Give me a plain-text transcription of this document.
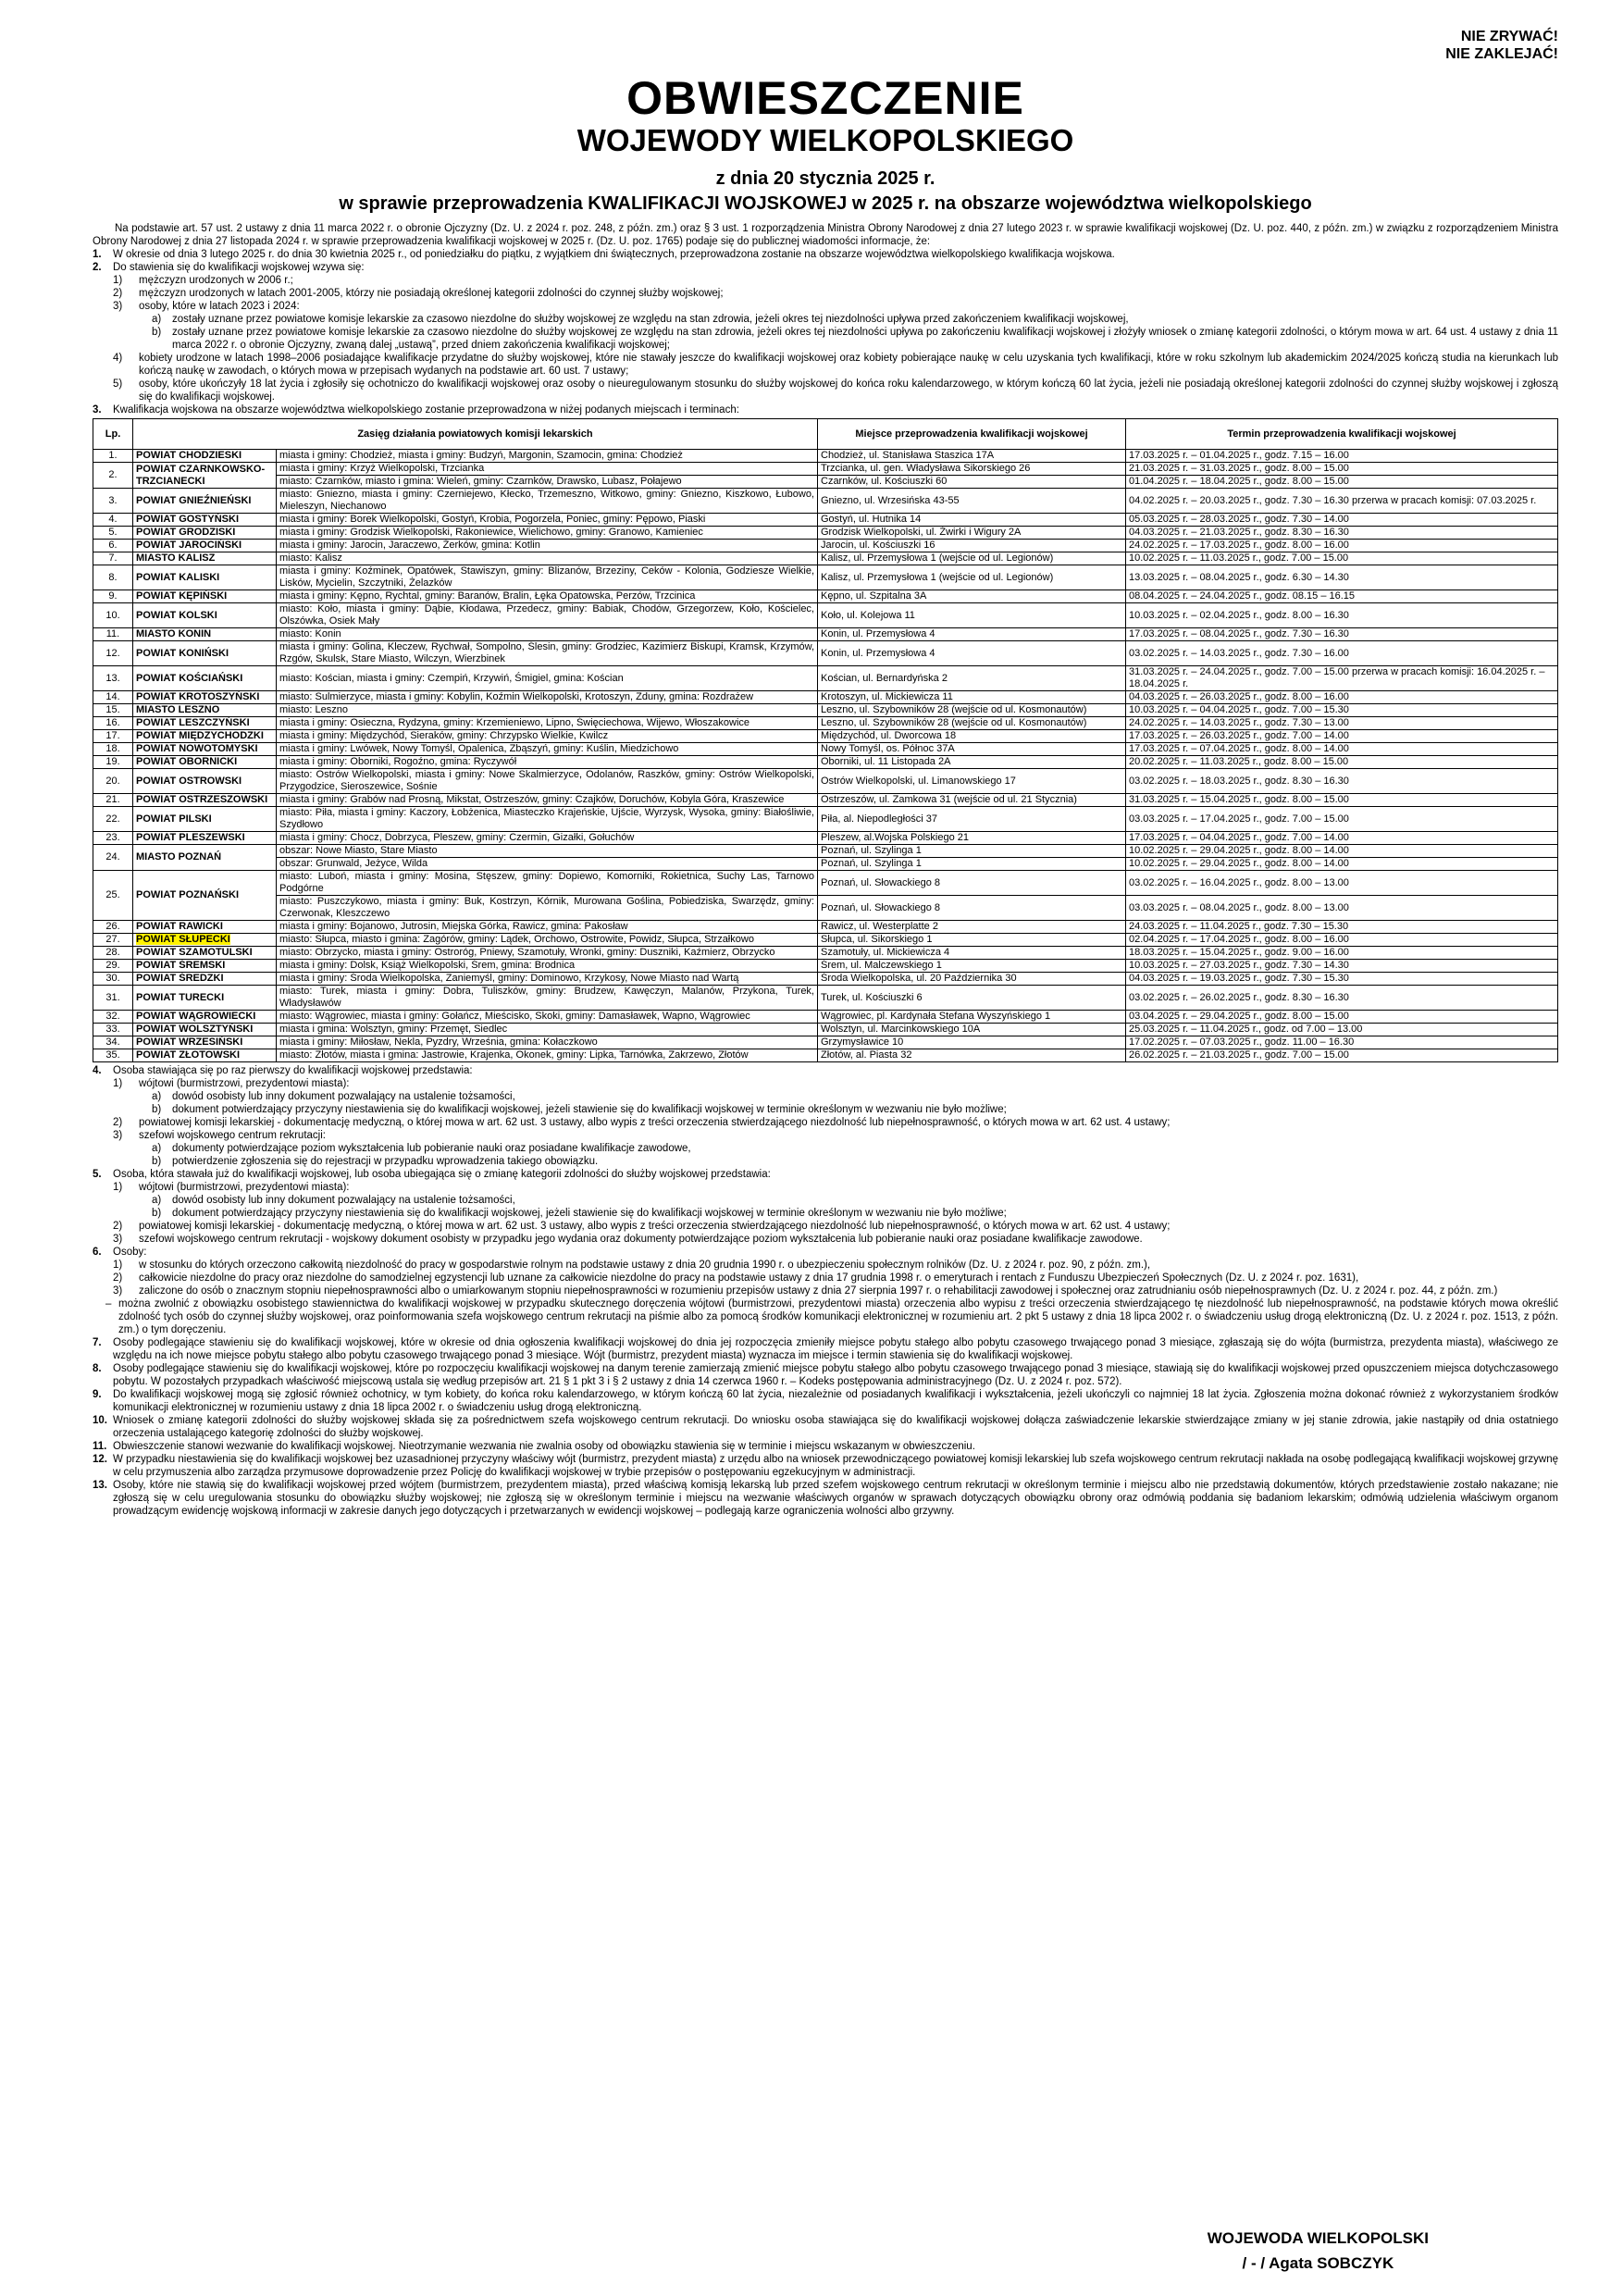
NIE ZRYWAĆ!
NIE ZAKLEJAĆ!
OBWIESZCZENIE
WOJEWODY WIELKOPOLSKIEGO
z dnia 20 stycznia 2025 r.
w sprawie przeprowadzenia KWALIFIKACJI WOJSKOWEJ w 2025 r. na obszarze województwa wielkopolskiego
Na podstawie art. 57 ust. 2 ustawy z dnia 11 marca 2022 r. o obronie Ojczyzny (Dz. U. z 2024 r. poz. 248, z późn. zm.) oraz § 3 ust. 1 rozporządzenia Ministra Obrony Narodowej z dnia 27 lutego 2023 r. w sprawie kwalifikacji wojskowej (Dz. U. poz. 440, z późn. zm.) w związku z rozporządzeniem Ministra Obrony Narodowej z dnia 27 listopada 2024 r. w sprawie przeprowadzenia kwalifikacji wojskowej w 2025 r. (Dz. U. poz. 1765) podaje się do publicznej wiadomości informacje, że:
1.	W okresie od dnia 3 lutego 2025 r. do dnia 30 kwietnia 2025 r., od poniedziałku do piątku, z wyjątkiem dni świątecznych, przeprowadzona zostanie na obszarze województwa wielkopolskiego kwalifikacja wojskowa.
2.	Do stawienia się do kwalifikacji wojskowej wzywa się:
1)	mężczyzn urodzonych w 2006 r.;
2)	mężczyzn urodzonych w latach 2001-2005, którzy nie posiadają określonej kategorii zdolności do czynnej służby wojskowej;
3)	osoby, które w latach 2023 i 2024:
a)	zostały uznane przez powiatowe komisje lekarskie za czasowo niezdolne do służby wojskowej ze względu na stan zdrowia, jeżeli okres tej niezdolności upływa przed zakończeniem kwalifikacji wojskowej,
b)	zostały uznane przez powiatowe komisje lekarskie za czasowo niezdolne do służby wojskowej ze względu na stan zdrowia, jeżeli okres tej niezdolności upływa po zakończeniu kwalifikacji wojskowej i złożyły wniosek o zmianę kategorii zdolności, o którym mowa w art. 64 ust. 4 ustawy z dnia 11 marca 2022 r. o obronie Ojczyzny, zwaną dalej „ustawą”, przed dniem zakończenia kwalifikacji wojskowej;
4)	kobiety urodzone w latach 1998–2006 posiadające kwalifikacje przydatne do służby wojskowej, które nie stawały jeszcze do kwalifikacji wojskowej oraz kobiety pobierające naukę w celu uzyskania tych kwalifikacji, które w roku szkolnym lub akademickim 2024/2025 kończą studia na kierunkach lub kończą naukę w zawodach, o których mowa w przepisach wydanych na podstawie art. 60 ust. 7 ustawy;
5)	osoby, które ukończyły 18 lat życia i zgłosiły się ochotniczo do kwalifikacji wojskowej oraz osoby o nieuregulowanym stosunku do służby wojskowej do końca roku kalendarzowego, w którym kończą 60 lat życia, jeżeli nie posiadają określonej kategorii zdolności do czynnej służby wojskowej i zgłoszą się do kwalifikacji wojskowej.
3.	Kwalifikacja wojskowa na obszarze województwa wielkopolskiego zostanie przeprowadzona w niżej podanych miejscach i terminach:
Lp.	Zasięg działania powiatowych komisji lekarskich		Miejsce przeprowadzenia kwalifikacji wojskowej	Termin przeprowadzenia kwalifikacji wojskowej
1.	POWIAT CHODZIESKI	miasta i gminy: Chodzież, miasta i gminy: Budzyń, Margonin, Szamocin, gmina: Chodzież	Chodzież, ul. Stanisława Staszica 17A	17.03.2025 r. – 01.04.2025 r., godz. 7.15 – 16.00
2.	POWIAT CZARNKOWSKO-TRZCIANECKI	miasta i gminy: Krzyż Wielkopolski, Trzcianka	Trzcianka, ul. gen. Władysława Sikorskiego 26	21.03.2025 r. – 31.03.2025 r., godz. 8.00 – 15.00
		miasto: Czarnków, miasto i gmina: Wieleń, gminy: Czarnków, Drawsko, Lubasz, Połajewo	Czarnków, ul. Kościuszki 60	01.04.2025 r. – 18.04.2025 r., godz. 8.00 – 15.00
3.	POWIAT GNIEŹNIEŃSKI	miasto: Gniezno, miasta i gminy: Czerniejewo, Kłecko, Trzemeszno, Witkowo, gminy: Gniezno, Kiszkowo, Łubowo, Mieleszyn, Niechanowo	Gniezno, ul. Wrzesińska 43-55	04.02.2025 r. – 20.03.2025 r., godz. 7.30 – 16.30 przerwa w pracach komisji: 07.03.2025 r.
4.	POWIAT GOSTYŃSKI	miasta i gminy: Borek Wielkopolski, Gostyń, Krobia, Pogorzela, Poniec, gminy: Pępowo, Piaski	Gostyń, ul. Hutnika 14	05.03.2025 r. – 28.03.2025 r., godz. 7.30 – 14.00
5.	POWIAT GRODZISKI	miasta i gminy: Grodzisk Wielkopolski, Rakoniewice, Wielichowo, gminy: Granowo, Kamieniec	Grodzisk Wielkopolski, ul. Żwirki i Wigury 2A	04.03.2025 r. – 21.03.2025 r., godz. 8.30 – 16.30
6.	POWIAT JAROCIŃSKI	miasta i gminy: Jarocin, Jaraczewo, Żerków, gmina: Kotlin	Jarocin, ul. Kościuszki 16	24.02.2025 r. – 17.03.2025 r., godz. 8.00 – 16.00
7.	MIASTO KALISZ	miasto: Kalisz	Kalisz, ul. Przemysłowa 1 (wejście od ul. Legionów)	10.02.2025 r. – 11.03.2025 r., godz. 7.00 – 15.00
8.	POWIAT KALISKI	miasta i gminy: Koźminek, Opatówek, Stawiszyn, gminy: Blizanów, Brzeziny, Ceków - Kolonia, Godziesze Wielkie, Lisków, Mycielin, Szczytniki, Żelazków	Kalisz, ul. Przemysłowa 1 (wejście od ul. Legionów)	13.03.2025 r. – 08.04.2025 r., godz. 6.30 – 14.30
9.	POWIAT KĘPIŃSKI	miasta i gminy: Kępno, Rychtal, gminy: Baranów, Bralin, Łęka Opatowska, Perzów, Trzcinica	Kępno, ul. Szpitalna 3A	08.04.2025 r. – 24.04.2025 r., godz. 08.15 – 16.15
10.	POWIAT KOLSKI	miasto: Koło, miasta i gminy: Dąbie, Kłodawa, Przedecz, gminy: Babiak, Chodów, Grzegorzew, Koło, Kościelec, Olszówka, Osiek Mały	Koło, ul. Kolejowa 11	10.03.2025 r. – 02.04.2025 r., godz. 8.00 – 16.30
11.	MIASTO KONIN	miasto: Konin	Konin, ul. Przemysłowa 4	17.03.2025 r. – 08.04.2025 r., godz. 7.30 – 16.30
12.	POWIAT KONIŃSKI	miasta i gminy: Golina, Kleczew, Rychwał, Sompolno, Ślesin, gminy: Grodziec, Kazimierz Biskupi, Kramsk, Krzymów, Rzgów, Skulsk, Stare Miasto, Wilczyn, Wierzbinek	Konin, ul. Przemysłowa 4	03.02.2025 r. – 14.03.2025 r., godz. 7.30 – 16.00
13.	POWIAT KOŚCIAŃSKI	miasto: Kościan, miasta i gminy: Czempiń, Krzywiń, Śmigiel, gmina: Kościan	Kościan, ul. Bernardyńska 2	31.03.2025 r. – 24.04.2025 r., godz. 7.00 – 15.00 przerwa w pracach komisji: 16.04.2025 r. – 18.04.2025 r.
14.	POWIAT KROTOSZYŃSKI	miasto: Sulmierzyce, miasta i gminy: Kobylin, Koźmin Wielkopolski, Krotoszyn, Zduny, gmina: Rozdrażew	Krotoszyn, ul. Mickiewicza 11	04.03.2025 r. – 26.03.2025 r., godz. 8.00 – 16.00
15.	MIASTO LESZNO	miasto: Leszno	Leszno, ul. Szybowników 28 (wejście od ul. Kosmonautów)	10.03.2025 r. – 04.04.2025 r., godz. 7.00 – 15.30
16.	POWIAT LESZCZYŃSKI	miasta i gminy: Osieczna, Rydzyna, gminy: Krzemieniewo, Lipno, Święciechowa, Wijewo, Włoszakowice	Leszno, ul. Szybowników 28 (wejście od ul. Kosmonautów)	24.02.2025 r. – 14.03.2025 r., godz. 7.30 – 13.00
17.	POWIAT MIĘDZYCHODZKI	miasta i gminy: Międzychód, Sieraków, gminy: Chrzypsko Wielkie, Kwilcz	Międzychód, ul. Dworcowa 18	17.03.2025 r. – 26.03.2025 r., godz. 7.00 – 14.00
18.	POWIAT NOWOTOMYSKI	miasta i gminy: Lwówek, Nowy Tomyśl, Opalenica, Zbąszyń, gminy: Kuślin, Miedzichowo	Nowy Tomyśl, os. Północ 37A	17.03.2025 r. – 07.04.2025 r., godz. 8.00 – 14.00
19.	POWIAT OBORNICKI	miasta i gminy: Oborniki, Rogoźno, gmina: Ryczywół	Oborniki, ul. 11 Listopada 2A	20.02.2025 r. – 11.03.2025 r., godz. 8.00 – 15.00
20.	POWIAT OSTROWSKI	miasto: Ostrów Wielkopolski, miasta i gminy: Nowe Skalmierzyce, Odolanów, Raszków, gminy: Ostrów Wielkopolski, Przygodzice, Sieroszewice, Sośnie	Ostrów Wielkopolski, ul. Limanowskiego 17	03.02.2025 r. – 18.03.2025 r., godz. 8.30 – 16.30
21.	POWIAT OSTRZESZOWSKI	miasta i gminy: Grabów nad Prosną, Mikstat, Ostrzeszów, gminy: Czajków, Doruchów, Kobyla Góra, Kraszewice	Ostrzeszów, ul. Zamkowa 31 (wejście od ul. 21 Stycznia)	31.03.2025 r. – 15.04.2025 r., godz. 8.00 – 15.00
22.	POWIAT PILSKI	miasto: Piła, miasta i gminy: Kaczory, Łobżenica, Miasteczko Krajeńskie, Ujście, Wyrzysk, Wysoka, gminy: Białośliwie, Szydłowo	Piła, al. Niepodległości 37	03.03.2025 r. – 17.04.2025 r., godz. 7.00 – 15.00
23.	POWIAT PLESZEWSKI	miasta i gminy: Chocz, Dobrzyca, Pleszew, gminy: Czermin, Gizałki, Gołuchów	Pleszew, al.Wojska Polskiego 21	17.03.2025 r. – 04.04.2025 r., godz. 7.00 – 14.00
24.	MIASTO POZNAŃ	obszar: Nowe Miasto, Stare Miasto	Poznań, ul. Szylinga 1	10.02.2025 r. – 29.04.2025 r., godz. 8.00 – 14.00
		obszar: Grunwald, Jeżyce, Wilda	Poznań, ul. Szylinga 1	10.02.2025 r. – 29.04.2025 r., godz. 8.00 – 14.00
25.	POWIAT POZNAŃSKI	miasto: Luboń, miasta i gminy: Mosina, Stęszew, gminy: Dopiewo, Komorniki, Rokietnica, Suchy Las, Tarnowo Podgórne	Poznań, ul. Słowackiego 8	03.02.2025 r. – 16.04.2025 r., godz. 8.00 – 13.00
		miasto: Puszczykowo, miasta i gminy: Buk, Kostrzyn, Kórnik, Murowana Goślina, Pobiedziska, Swarzędz, gminy: Czerwonak, Kleszczewo	Poznań, ul. Słowackiego 8	03.03.2025 r. – 08.04.2025 r., godz. 8.00 – 13.00
26.	POWIAT RAWICKI	miasta i gminy: Bojanowo, Jutrosin, Miejska Górka, Rawicz, gmina: Pakosław	Rawicz, ul. Westerplatte 2	24.03.2025 r. – 11.04.2025 r., godz. 7.30 – 15.30
27.	POWIAT SŁUPECKI	miasto: Słupca, miasto i gmina: Zagórów, gminy: Lądek, Orchowo, Ostrowite, Powidz, Słupca, Strzałkowo	Słupca, ul. Sikorskiego 1	02.04.2025 r. – 17.04.2025 r., godz. 8.00 – 16.00
28.	POWIAT SZAMOTULSKI	miasto: Obrzycko, miasta i gminy: Ostroróg, Pniewy, Szamotuły, Wronki, gminy: Duszniki, Kaźmierz, Obrzycko	Szamotuły, ul. Mickiewicza 4	18.03.2025 r. – 15.04.2025 r., godz. 9.00 – 16.00
29.	POWIAT ŚREMSKI	miasta i gminy: Dolsk, Książ Wielkopolski, Śrem, gmina: Brodnica	Śrem, ul. Malczewskiego 1	10.03.2025 r. – 27.03.2025 r., godz. 7.30 – 14.30
30.	POWIAT ŚREDZKI	miasta i gminy: Środa Wielkopolska, Zaniemyśl, gminy: Dominowo, Krzykosy, Nowe Miasto nad Wartą	Środa Wielkopolska, ul. 20 Października 30	04.03.2025 r. – 19.03.2025 r., godz. 7.30 – 15.30
31.	POWIAT TURECKI	miasto: Turek, miasta i gminy: Dobra, Tuliszków, gminy: Brudzew, Kawęczyn, Malanów, Przykona, Turek, Władysławów	Turek, ul. Kościuszki 6	03.02.2025 r. – 26.02.2025 r., godz. 8.30 – 16.30
32.	POWIAT WĄGROWIECKI	miasto: Wągrowiec, miasta i gminy: Gołańcz, Mieścisko, Skoki, gminy: Damasławek, Wapno, Wągrowiec	Wągrowiec, pl. Kardynała Stefana Wyszyńskiego 1	03.04.2025 r. – 29.04.2025 r., godz. 8.00 – 15.00
33.	POWIAT WOLSZTYŃSKI	miasta i gmina: Wolsztyn, gminy: Przemęt, Siedlec	Wolsztyn, ul. Marcinkowskiego 10A	25.03.2025 r. – 11.04.2025 r., godz. od 7.00 – 13.00
34.	POWIAT WRZESIŃSKI	miasta i gminy: Miłosław, Nekla, Pyzdry, Września, gmina: Kołaczkowo	Grzymysławice 10	17.02.2025 r. – 07.03.2025 r., godz. 11.00 – 16.30
35.	POWIAT ZŁOTOWSKI	miasto: Złotów, miasta i gmina: Jastrowie, Krajenka, Okonek, gminy: Lipka, Tarnówka, Zakrzewo, Złotów	Złotów, al. Piasta 32	26.02.2025 r. – 21.03.2025 r., godz. 7.00 – 15.00
4.	Osoba stawiająca się po raz pierwszy do kwalifikacji wojskowej przedstawia:
1)	wójtowi (burmistrzowi, prezydentowi miasta):
a)	dowód osobisty lub inny dokument pozwalający na ustalenie tożsamości,
b)	dokument potwierdzający przyczyny niestawienia się do kwalifikacji wojskowej, jeżeli stawienie się do kwalifikacji wojskowej w terminie określonym w wezwaniu nie było możliwe;
2)	powiatowej komisji lekarskiej - dokumentację medyczną, o której mowa w art. 62 ust. 3 ustawy, albo wypis z treści orzeczenia stwierdzającego niezdolność lub niepełnosprawność, o których mowa w art. 62 ust. 4 ustawy;
3)	szefowi wojskowego centrum rekrutacji:
a)	dokumenty potwierdzające poziom wykształcenia lub pobieranie nauki oraz posiadane kwalifikacje zawodowe,
b)	potwierdzenie zgłoszenia się do rejestracji w przypadku wprowadzenia takiego obowiązku.
5.	Osoba, która stawała już do kwalifikacji wojskowej, lub osoba ubiegająca się o zmianę kategorii zdolności do służby wojskowej przedstawia:
1)	wójtowi (burmistrzowi, prezydentowi miasta):
a)	dowód osobisty lub inny dokument pozwalający na ustalenie tożsamości,
b)	dokument potwierdzający przyczyny niestawienia się do kwalifikacji wojskowej, jeżeli stawienie się do kwalifikacji wojskowej w terminie określonym w wezwaniu nie było możliwe;
2)	powiatowej komisji lekarskiej - dokumentację medyczną, o której mowa w art. 62 ust. 3 ustawy, albo wypis z treści orzeczenia stwierdzającego niezdolność lub niepełnosprawność, o których mowa w art. 62 ust. 4 ustawy;
3)	szefowi wojskowego centrum rekrutacji - wojskowy dokument osobisty w przypadku jego wydania oraz dokumenty potwierdzające poziom wykształcenia lub pobieranie nauki oraz posiadane kwalifikacje zawodowe.
6.	Osoby:
1)	w stosunku do których orzeczono całkowitą niezdolność do pracy w gospodarstwie rolnym na podstawie ustawy z dnia 20 grudnia 1990 r. o ubezpieczeniu społecznym rolników (Dz. U. z 2024 r. poz. 90, z późn. zm.),
2)	całkowicie niezdolne do pracy oraz niezdolne do samodzielnej egzystencji lub uznane za całkowicie niezdolne do pracy na podstawie ustawy z dnia 17 grudnia 1998 r. o emeryturach i rentach z Funduszu Ubezpieczeń Społecznych (Dz. U. z 2024 r. poz. 1631),
3)	zaliczone do osób o znacznym stopniu niepełnosprawności albo o umiarkowanym stopniu niepełnosprawności w rozumieniu przepisów ustawy z dnia 27 sierpnia 1997 r. o rehabilitacji zawodowej i społecznej oraz zatrudnianiu osób niepełnosprawnych (Dz. U. z 2024 r. poz. 44, z późn. zm.)
– można zwolnić z obowiązku osobistego stawiennictwa do kwalifikacji wojskowej w przypadku skutecznego doręczenia wójtowi (burmistrzowi, prezydentowi miasta) orzeczenia albo wypisu z treści orzeczenia stwierdzającego tę niezdolność lub niepełnosprawność, na podstawie których mowa określić zdolność tych osób do czynnej służby wojskowej, oraz poinformowania szefa wojskowego centrum rekrutacji na piśmie albo za pomocą środków komunikacji elektronicznej w rozumieniu art. 2 pkt 5 ustawy z dnia 18 lipca 2002 r. o świadczeniu usług drogą elektroniczną (Dz. U. z 2024 r. poz. 1513, z późn. zm.) o tym doręczeniu.
7.	Osoby podlegające stawieniu się do kwalifikacji wojskowej, które w okresie od dnia ogłoszenia kwalifikacji wojskowej do dnia jej rozpoczęcia zmieniły miejsce pobytu stałego albo pobytu czasowego trwającego ponad 3 miesiące, zgłaszają się do wójta (burmistrza, prezydenta miasta), właściwego ze względu na ich nowe miejsce pobytu stałego albo pobytu czasowego trwającego ponad 3 miesiące. Wójt (burmistrz, prezydent miasta) wyznacza im miejsce i termin stawienia się do kwalifikacji wojskowej.
8.	Osoby podlegające stawieniu się do kwalifikacji wojskowej, które po rozpoczęciu kwalifikacji wojskowej na danym terenie zamierzają zmienić miejsce pobytu stałego albo pobytu czasowego trwającego ponad 3 miesiące, stawiają się do kwalifikacji wojskowej przed opuszczeniem miejsca dotychczasowego pobytu. W pozostałych przypadkach właściwość miejscową ustala się według przepisów art. 21 § 1 pkt 3 i § 2 ustawy z dnia 14 czerwca 1960 r. – Kodeks postępowania administracyjnego (Dz. U. z 2024 r. poz. 572).
9.	Do kwalifikacji wojskowej mogą się zgłosić również ochotnicy, w tym kobiety, do końca roku kalendarzowego, w którym kończą 60 lat życia, niezależnie od posiadanych kwalifikacji i wykształcenia, jeżeli ukończyli co najmniej 18 lat życia. Zgłoszenia można dokonać również z wykorzystaniem środków komunikacji elektronicznej w rozumieniu ustawy z dnia 18 lipca 2002 r. o świadczeniu usług drogą elektroniczną.
10. Wniosek o zmianę kategorii zdolności do służby wojskowej składa się za pośrednictwem szefa wojskowego centrum rekrutacji. Do wniosku osoba stawiająca się do kwalifikacji wojskowej dołącza zaświadczenie lekarskie stwierdzające zmiany w jej stanie zdrowia, jakie nastąpiły od dnia ostatniego orzeczenia ustalającego kategorię zdolności do służby wojskowej.
11. Obwieszczenie stanowi wezwanie do kwalifikacji wojskowej. Nieotrzymanie wezwania nie zwalnia osoby od obowiązku stawienia się w terminie i miejscu wskazanym w obwieszczeniu.
12. W przypadku niestawienia się do kwalifikacji wojskowej bez uzasadnionej przyczyny właściwy wójt (burmistrz, prezydent miasta) z urzędu albo na wniosek przewodniczącego powiatowej komisji lekarskiej lub szefa wojskowego centrum rekrutacji nakłada na osobę podlegającą kwalifikacji wojskowej grzywnę w celu przymuszenia albo zarządza przymusowe doprowadzenie przez Policję do kwalifikacji wojskowej w trybie przepisów o postępowaniu egzekucyjnym w administracji.
13. Osoby, które nie stawią się do kwalifikacji wojskowej przed wójtem (burmistrzem, prezydentem miasta), przed właściwą komisją lekarską lub przed szefem wojskowego centrum rekrutacji w określonym terminie i miejscu albo nie przedstawią dokumentów, których przedstawienie zostało nakazane; nie zgłoszą się w celu uregulowania stosunku do obowiązku służby wojskowej; nie zgłoszą się w określonym terminie i miejscu na wezwanie właściwych organów w sprawach dotyczących obowiązku obrony oraz odmówią poddania się badaniom lekarskim; odmówią udzielenia właściwym organom prowadzącym ewidencję wojskową informacji w zakresie danych jego dotyczących i przetwarzanych w ewidencji wojskowej – podlegają karze ograniczenia wolności albo grzywny.
WOJEWODA WIELKOPOLSKI
/ - / Agata SOBCZYK
